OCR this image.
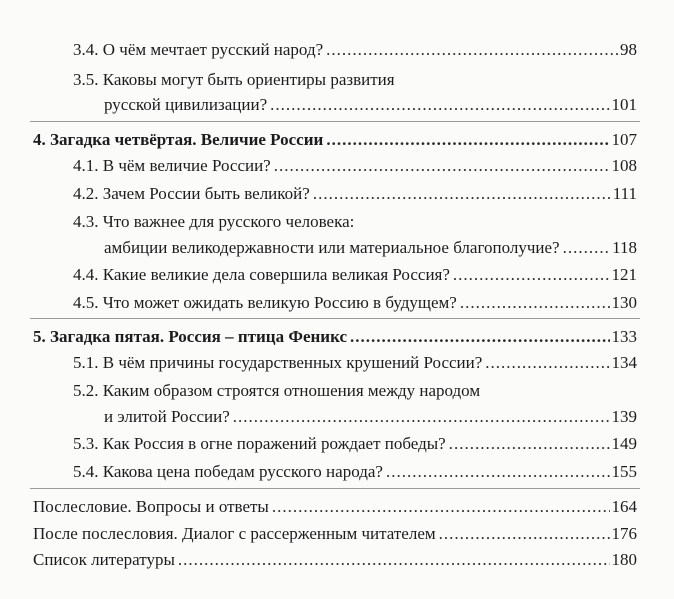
3.4. О чём мечтает русский народ? .....	98
3.5. Каковы могут быть ориентиры развития
русской цивилизации? .....	101
4. Загадка четвёртая. Величие России .....	107
4.1. В чём величие России? .....	108
4.2. Зачем России быть великой? .....	111
4.3. Что важнее для русского человека:
амбиции великодержавности или материальное благополучие? .....	118
4.4. Какие великие дела совершила великая Россия? .....	121
4.5. Что может ожидать великую Россию в будущем? .....	130
5. Загадка пятая. Россия – птица Феникс .....	133
5.1. В чём причины государственных крушений России? .....	134
5.2. Каким образом строятся отношения между народом
и элитой России? .....	139
5.3. Как Россия в огне поражений рождает победы? .....	149
5.4. Какова цена победам русского народа? .....	155
Послесловие. Вопросы и ответы .....	164
После послесловия. Диалог с рассерженным читателем .....	176
Список литературы .....	180
